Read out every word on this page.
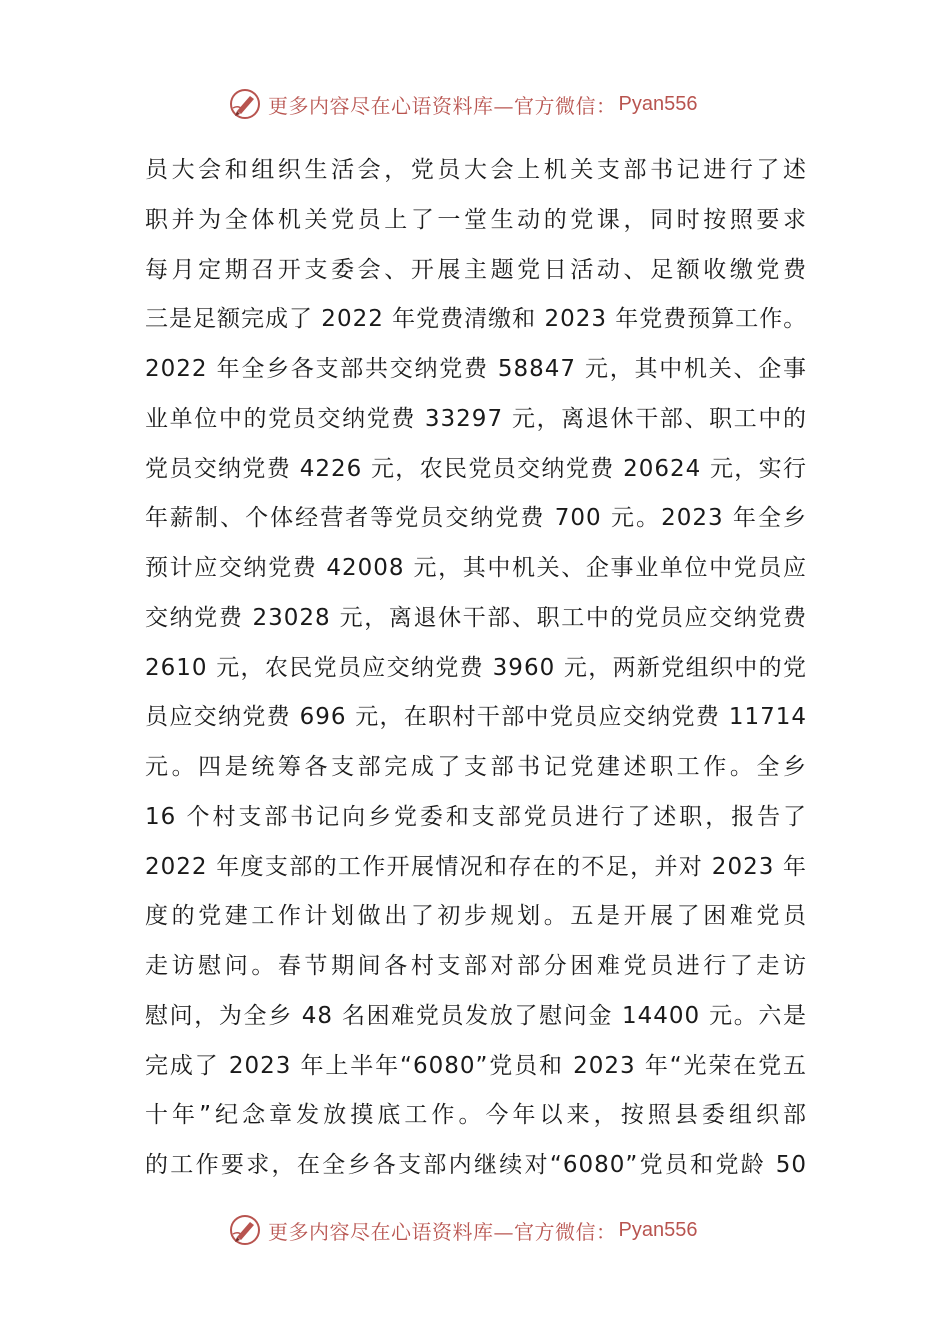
更多内容尽在心语资料库—官方微信： Pyan556
员大会和组织生活会，党员大会上机关支部书记进行了述
职并为全体机关党员上了一堂生动的党课，同时按照要求
每月定期召开支委会、开展主题党日活动、足额收缴党费
三是足额完成了 2022 年党费清缴和 2023 年党费预算工作。
2022 年全乡各支部共交纳党费 58847 元，其中机关、企事
业单位中的党员交纳党费 33297 元，离退休干部、职工中的
党员交纳党费 4226 元，农民党员交纳党费 20624 元，实行
年薪制、个体经营者等党员交纳党费 700 元。2023 年全乡
预计应交纳党费 42008 元，其中机关、企事业单位中党员应
交纳党费 23028 元，离退休干部、职工中的党员应交纳党费
2610 元，农民党员应交纳党费 3960 元，两新党组织中的党
员应交纳党费 696 元，在职村干部中党员应交纳党费 11714
元。四是统筹各支部完成了支部书记党建述职工作。全乡
16 个村支部书记向乡党委和支部党员进行了述职，报告了
2022 年度支部的工作开展情况和存在的不足，并对 2023 年
度的党建工作计划做出了初步规划。五是开展了困难党员
走访慰问。春节期间各村支部对部分困难党员进行了走访
慰问，为全乡 48 名困难党员发放了慰问金 14400 元。六是
完成了 2023 年上半年“6080”党员和 2023 年“光荣在党五
十年”纪念章发放摸底工作。今年以来，按照县委组织部
的工作要求，在全乡各支部内继续对“6080”党员和党龄 50
更多内容尽在心语资料库—官方微信： Pyan556
